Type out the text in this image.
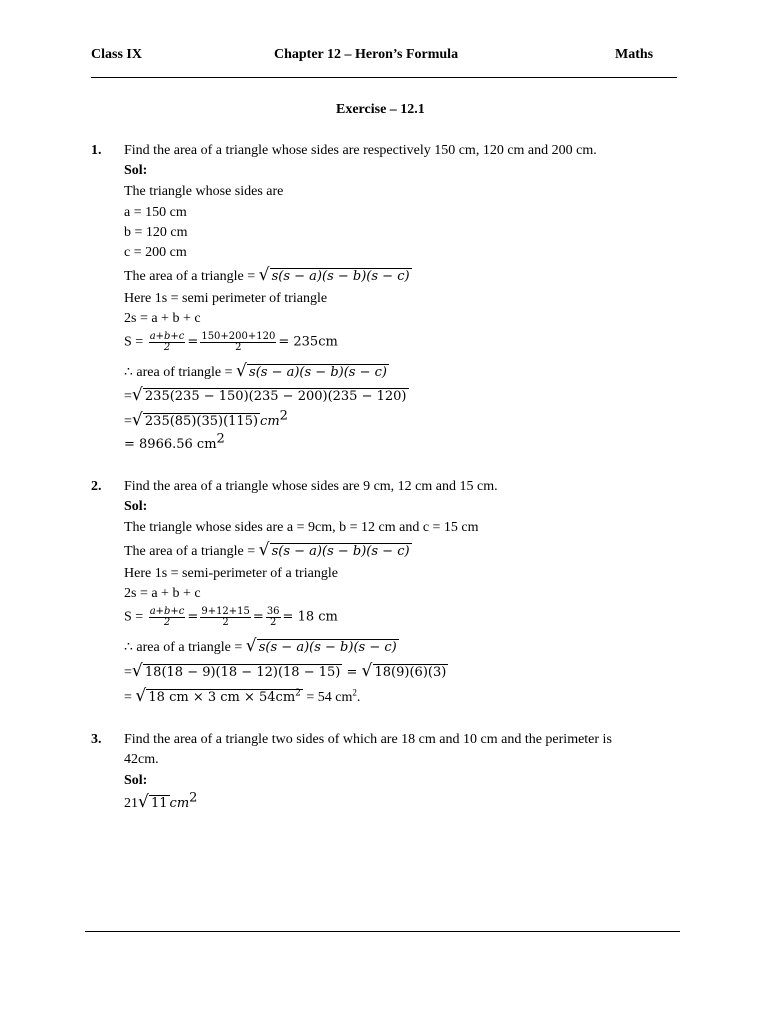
Class IX	Chapter 12 – Heron’s Formula	Maths
Exercise – 12.1
1. Find the area of a triangle whose sides are respectively 150 cm, 120 cm and 200 cm.
Sol:
The triangle whose sides are
a = 150 cm
b = 120 cm
c = 200 cm
The area of a triangle = √ s(s − a)(s − b)(s − c)
Here 1s = semi perimeter of triangle
2s = a + b + c
$S = \frac{a+b+c}{2} = \frac{150+200+120}{2} = 235cm$
∴ area of triangle = √ s(s − a)(s − b)(s − c)
= √ 235(235 − 150)(235 − 200)(235 − 120)
= √ 235(85)(35)(115) $cm^2$
= 8966.56 $cm^2$
2. Find the area of a triangle whose sides are 9 cm, 12 cm and 15 cm.
Sol:
The triangle whose sides are a = 9cm, b = 12 cm and c = 15 cm
The area of a triangle = √ s(s − a)(s − b)(s − c)
Here 1s = semi-perimeter of a triangle
2s = a + b + c
$S = \frac{a+b+c}{2} = \frac{9+12+15}{2} = \frac{36}{2} = 18$ cm
∴ area of a triangle = √ s(s − a)(s − b)(s − c)
= √ 18(18 − 9)(18 − 12)(18 − 15) = √ 18(9)(6)(3)
= √ 18 cm × 3 cm × $54cm^2 = 54$ $cm^2$.
3. Find the area of a triangle two sides of which are 18 cm and 10 cm and the perimeter is
42cm.
Sol:
21 √ 11 $cm^2$
